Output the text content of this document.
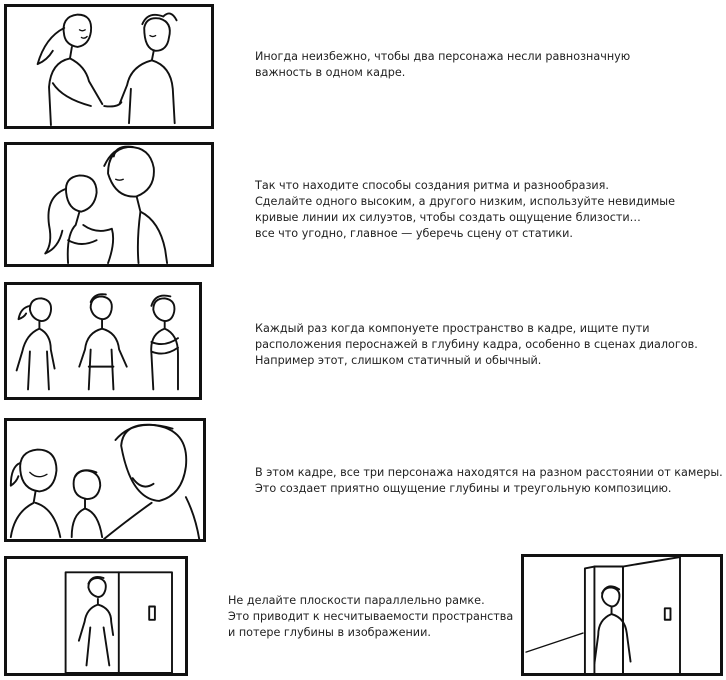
Иногда неизбежно, чтобы два персонажа несли равнозначную
важность в одном кадре.
Так что находите способы создания ритма и разнообразия.
Сделайте одного высоким, а другого низким, используйте невидимые
кривые линии их силуэтов, чтобы создать ощущение близости…
все что угодно, главное — уберечь сцену от статики.
Каждый раз когда компонуете пространство в кадре, ищите пути
расположения пероснажей в глубину кадра, особенно в сценах диалогов.
Например этот, слишком статичный и обычный.
В этом кадре, все три персонажа находятся на разном расстоянии от камеры.
Это создает приятно ощущение глубины и треугольную композицию.
Не делайте плоскости параллельно рамке.
Это приводит к несчитываемости пространства
и потере глубины в изображении.
